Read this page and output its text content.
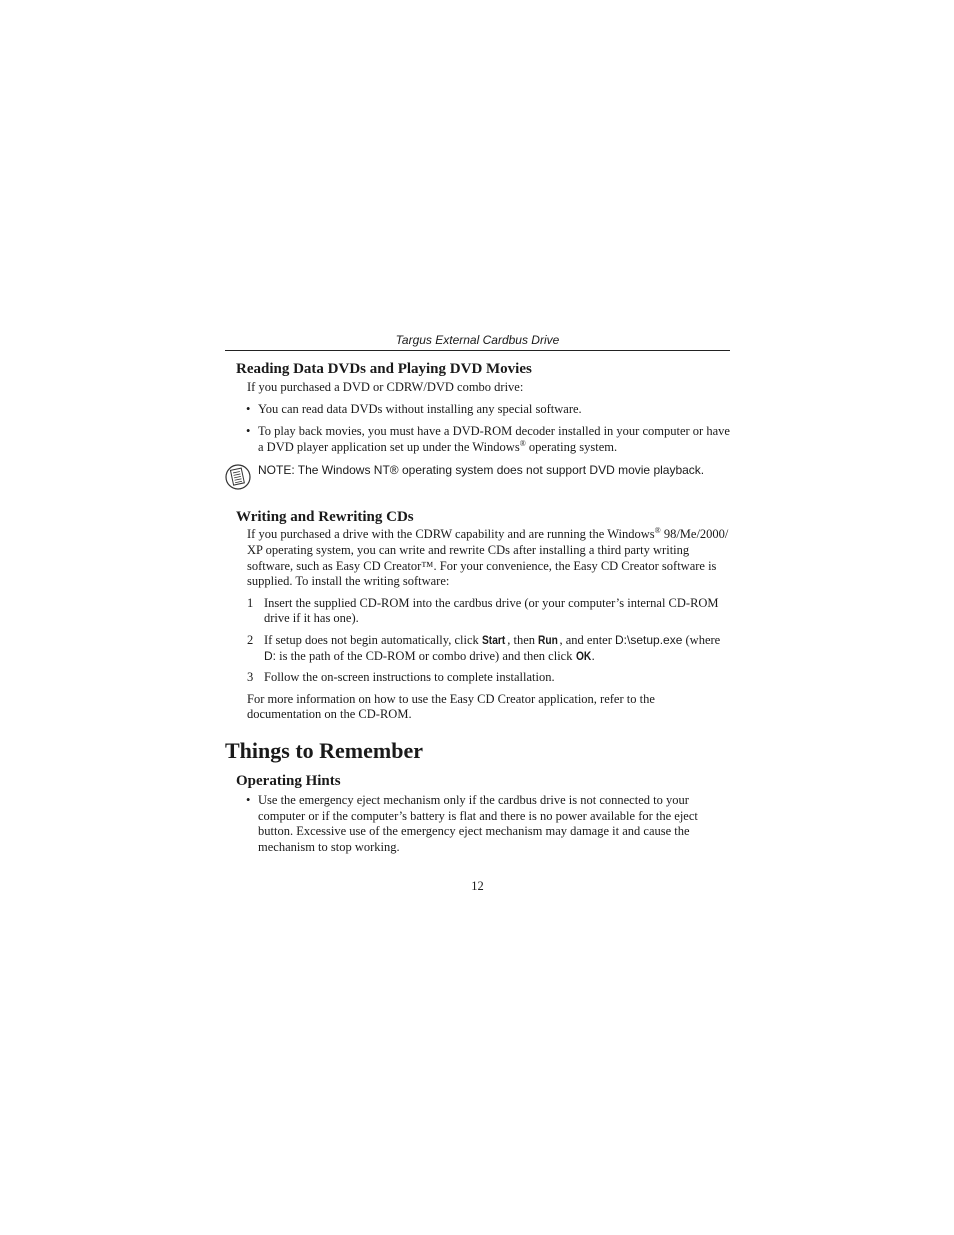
Targus External Cardbus Drive
Reading Data DVDs and Playing DVD Movies

If you purchased a DVD or CDRW/DVD combo drive:

• You can read data DVDs without installing any special software.
• To play back movies, you must have a DVD-ROM decoder installed in your computer or have a DVD player application set up under the Windows® operating system.
NOTE: The Windows NT® operating system does not support DVD movie playback.
Writing and Rewriting CDs

If you purchased a drive with the CDRW capability and are running the Windows® 98/Me/2000/ XP operating system, you can write and rewrite CDs after installing a third party writing software, such as Easy CD Creator™. For your convenience, the Easy CD Creator software is supplied. To install the writing software:

1 Insert the supplied CD-ROM into the cardbus drive (or your computer’s internal CD-ROM drive if it has one).
2 If setup does not begin automatically, click Start , then Run, and enter D:\setup.exe (where D: is the path of the CD-ROM or combo drive) and then click OK.
3 Follow the on-screen instructions to complete installation.

For more information on how to use the Easy CD Creator application, refer to the documentation on the CD-ROM.

Things to Remember
Operating Hints
• Use the emergency eject mechanism only if the cardbus drive is not connected to your computer or if the computer’s battery is flat and there is no power available for the eject button. Excessive use of the emergency eject mechanism may damage it and cause the mechanism to stop working.
12
